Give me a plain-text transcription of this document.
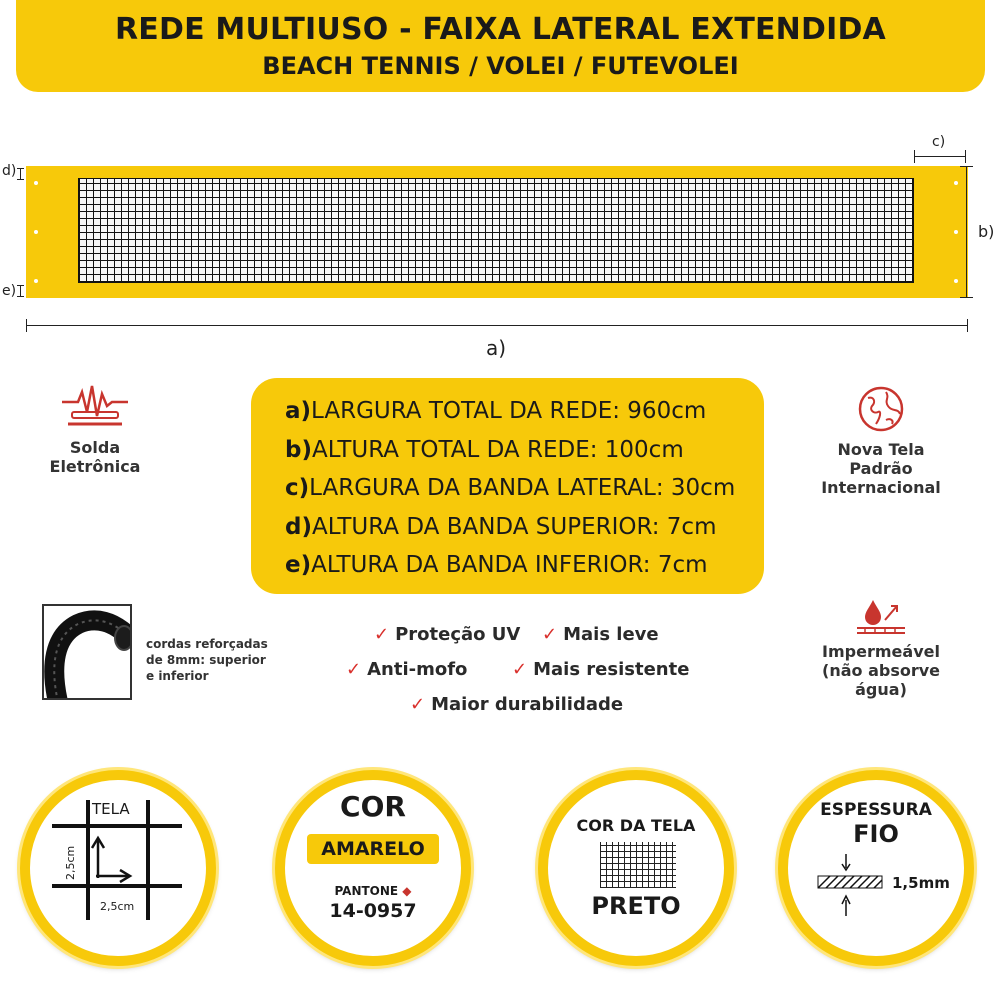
REDE MULTIUSO - FAIXA LATERAL EXTENDIDA
BEACH TENNIS / VOLEI / FUTEVOLEI
a)
b)
c)
d)
e)
a)LARGURA TOTAL DA REDE: 960cm
b)ALTURA TOTAL DA REDE: 100cm
c)LARGURA DA BANDA LATERAL: 30cm
d)ALTURA DA BANDA SUPERIOR: 7cm
e)ALTURA DA BANDA INFERIOR: 7cm
Solda
Eletrônica
Nova Tela
Padrão
Internacional
Impermeável
(não absorve
água)
cordas reforçadas
de 8mm: superior
e inferior
✓ Proteção UV ✓ Mais leve
✓ Anti-mofo ✓ Mais resistente
✓ Maior durabilidade
TELA
2,5cm
2,5cm
COR
AMARELO
PANTONE ◆
14-0957
COR DA TELA
PRETO
ESPESSURA
FIO
1,5mm
